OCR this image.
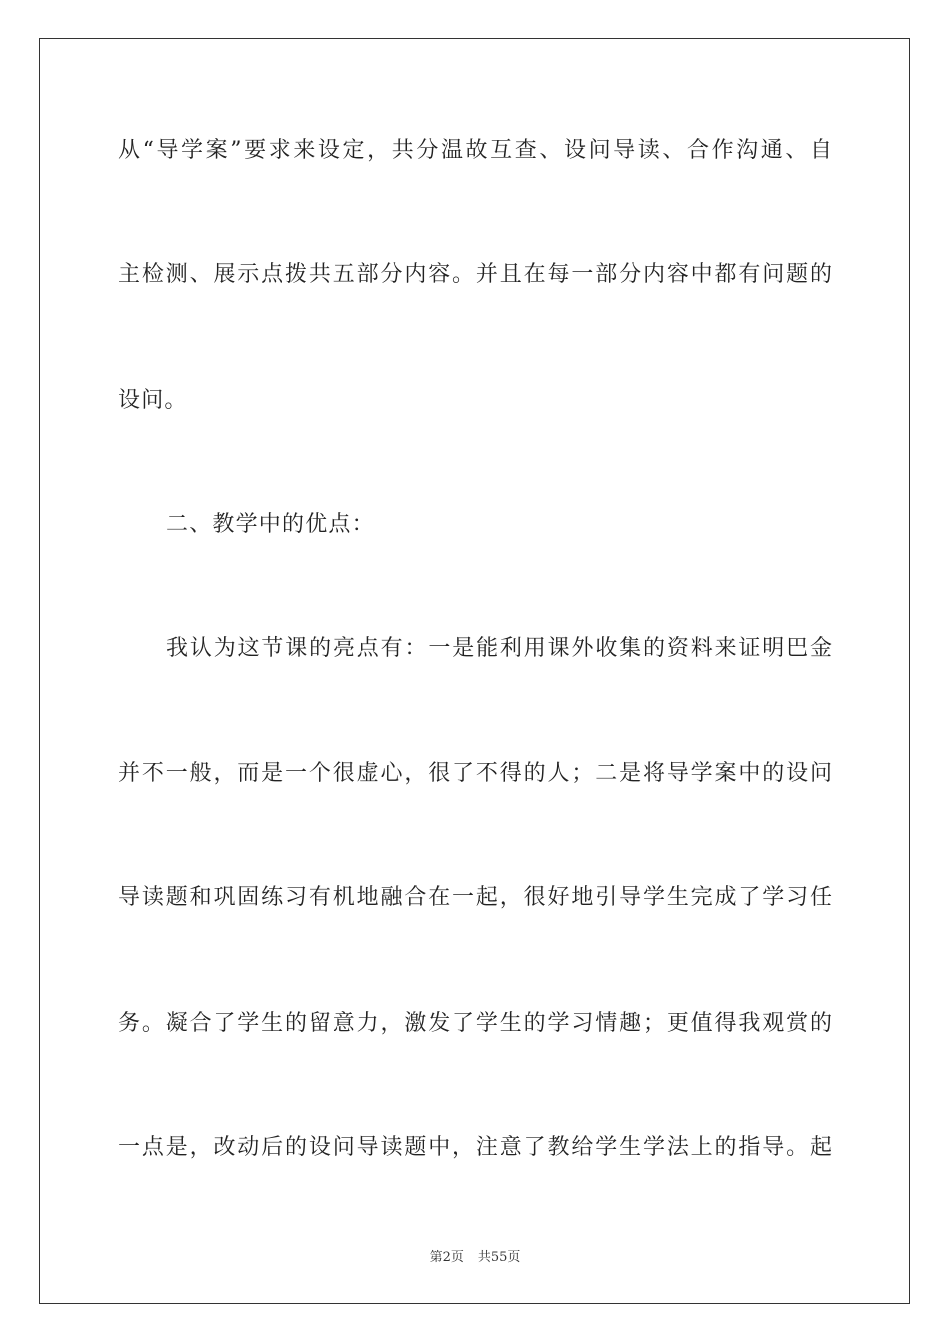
从“导学案”要求来设定，共分温故互查、设问导读、合作沟通、自
主检测、展示点拨共五部分内容。并且在每一部分内容中都有问题的
设问。
二、教学中的优点：
我认为这节课的亮点有：一是能利用课外收集的资料来证明巴金
并不一般，而是一个很虚心，很了不得的人；二是将导学案中的设问
导读题和巩固练习有机地融合在一起，很好地引导学生完成了学习任
务。凝合了学生的留意力，激发了学生的学习情趣；更值得我观赏的
一点是，改动后的设问导读题中，注意了教给学生学法上的指导。起
第2页 共55页
